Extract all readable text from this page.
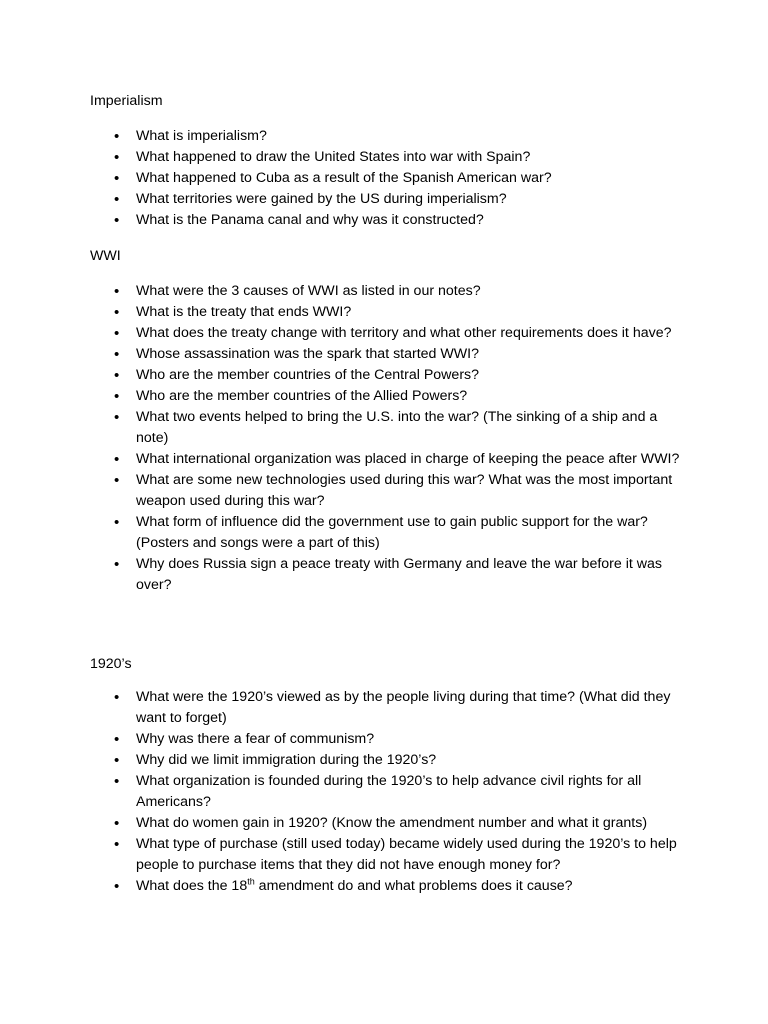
Imperialism
• What is imperialism?
• What happened to draw the United States into war with Spain?
• What happened to Cuba as a result of the Spanish American war?
• What territories were gained by the US during imperialism?
• What is the Panama canal and why was it constructed?
WWI
• What were the 3 causes of WWI as listed in our notes?
• What is the treaty that ends WWI?
• What does the treaty change with territory and what other requirements does it have?
• Whose assassination was the spark that started WWI?
• Who are the member countries of the Central Powers?
• Who are the member countries of the Allied Powers?
• What two events helped to bring the U.S. into the war? (The sinking of a ship and a note)
• What international organization was placed in charge of keeping the peace after WWI?
• What are some new technologies used during this war? What was the most important weapon used during this war?
• What form of influence did the government use to gain public support for the war? (Posters and songs were a part of this)
• Why does Russia sign a peace treaty with Germany and leave the war before it was over?
1920’s
• What were the 1920’s viewed as by the people living during that time? (What did they want to forget)
• Why was there a fear of communism?
• Why did we limit immigration during the 1920’s?
• What organization is founded during the 1920’s to help advance civil rights for all Americans?
• What do women gain in 1920? (Know the amendment number and what it grants)
• What type of purchase (still used today) became widely used during the 1920’s to help people to purchase items that they did not have enough money for?
• What does the 18th amendment do and what problems does it cause?
